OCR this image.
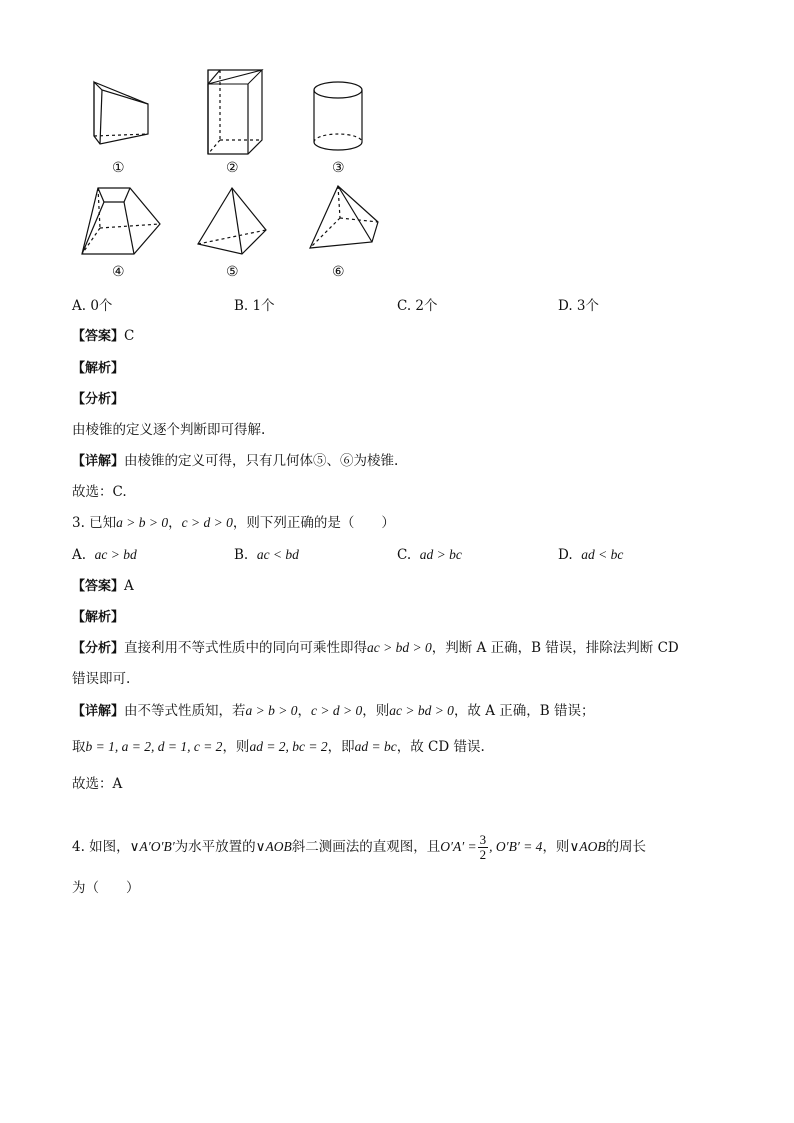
①	②	③
④	⑤	⑥
A. 0个	B. 1个	C. 2个	D. 3个
【答案】C
【解析】
【分析】
由棱锥的定义逐个判断即可得解.
【详解】由棱锥的定义可得，只有几何体⑤、⑥为棱锥.
故选：C.
3. 已知a > b > 0，c > d > 0，则下列正确的是（　　）
A. ac > bd	B. ac < bd	C. ad > bc	D. ad < bc
【答案】A
【解析】
【分析】直接利用不等式性质中的同向可乘性即得ac > bd > 0，判断 A 正确，B 错误，排除法判断 CD
错误即可.
【详解】由不等式性质知，若a > b > 0，c > d > 0，则ac > bd > 0，故 A 正确，B 错误；
取b = 1, a = 2, d = 1, c = 2，则ad = 2, bc = 2，即ad = bc，故 CD 错误.
故选：A
4. 如图，∨A′O′B′为水平放置的∨AOB斜二测画法的直观图，且$O'A' = \frac{3}{2}$ , O′B′ = 4，则∨AOB的周长
为（　　）
